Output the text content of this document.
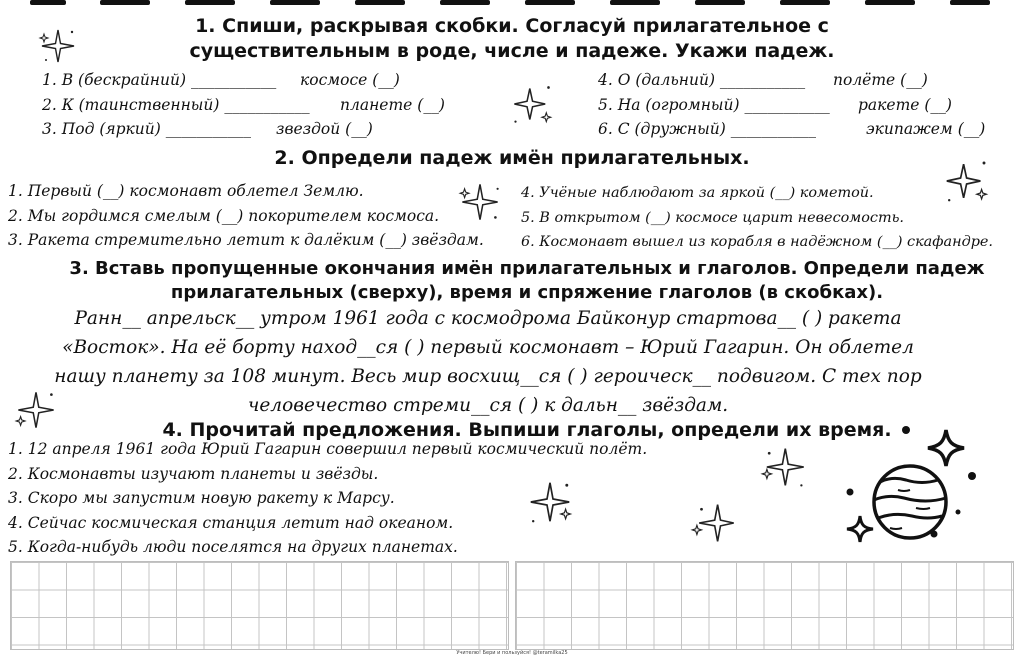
1. Спиши, раскрывая скобки. Согласуй прилагательное с
существительным в роде, числе и падеже. Укажи падеж.
1. В (бескрайний) ___________ космосе (__)
2. К (таинственный) ___________ планете (__)
3. Под (яркий) ___________ звездой (__)
4. О (дальний) ___________ полёте (__)
5. На (огромный) ___________ ракете (__)
6. С (дружный) ___________	экипажем (__)
2. Определи падеж имён прилагательных.
1. Первый (__) космонавт облетел Землю.
2. Мы гордимся смелым (__) покорителем космоса.
3. Ракета стремительно летит к далёким (__) звёздам.
4. Учёные наблюдают за яркой (__) кометой.
5. В открытом (__) космосе царит невесомость.
6. Космонавт вышел из корабля в надёжном (__) скафандре.
3. Вставь пропущенные окончания имён прилагательных и глаголов. Определи падеж
прилагательных (сверху), время и спряжение глаголов (в скобках).
Ранн__ апрельск__ утром 1961 года с космодрома Байконур стартова__ ( ) ракета
«Восток». На её борту наход__ся ( ) первый космонавт – Юрий Гагарин. Он облетел
нашу планету за 108 минут. Весь мир восхищ__ся ( ) героическ__ подвигом. С тех пор
человечество стреми__ся ( ) к дальн__ звёздам.
4. Прочитай предложения. Выпиши глаголы, определи их время.
1. 12 апреля 1961 года Юрий Гагарин совершил первый космический полёт.
2. Космонавты изучают планеты и звёзды.
3. Скоро мы запустим новую ракету к Марсу.
4. Сейчас космическая станция летит над океаном.
5. Когда-нибудь люди поселятся на других планетах.
Учителю! Бери и пользуйся! @teramilka25
